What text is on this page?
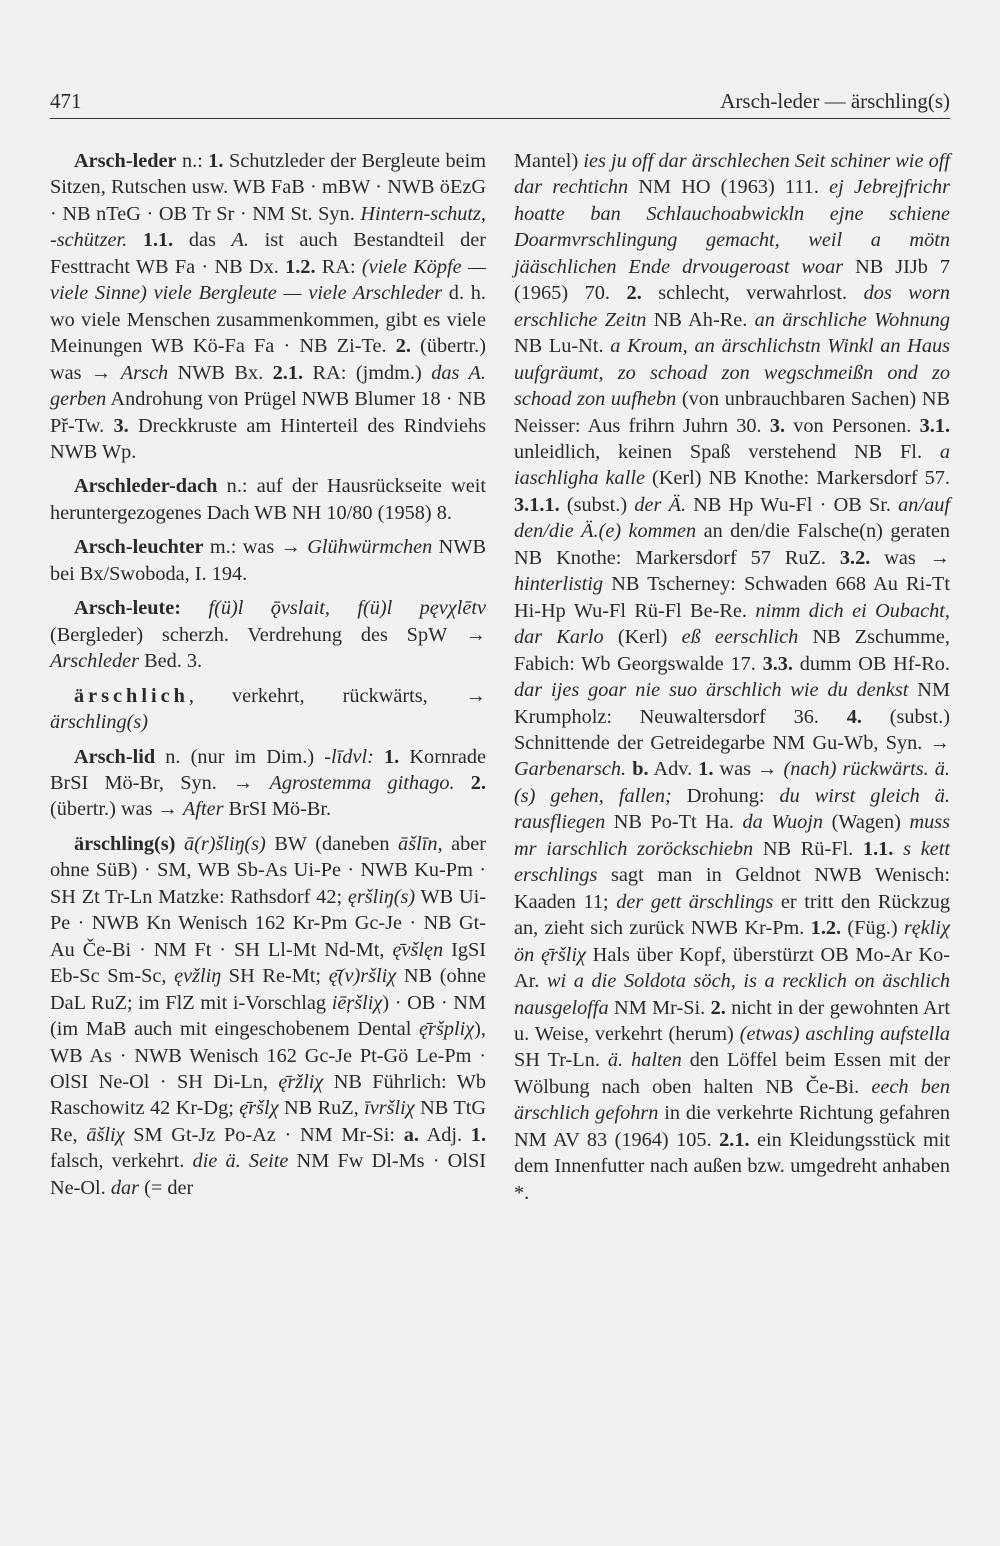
471	Arsch-leder — ärschling(s)

Arsch-leder n.: 1. Schutzleder der Bergleute beim Sitzen, Rutschen usw. WB FaB · mBW · NWB öEzG · NB nTeG · OB Tr Sr · NM St. Syn. Hintern-schutz, -schützer. 1.1. das A. ist auch Bestandteil der Festtracht WB Fa · NB Dx. 1.2. RA: (viele Köpfe — viele Sinne) viele Bergleute — viele Arschleder d. h. wo viele Menschen zusammenkommen, gibt es viele Meinungen WB Kö-Fa Fa · NB Zi-Te. 2. (übertr.) was → Arsch NWB Bx. 2.1. RA: (jmdm.) das A. gerben Androhung von Prügel NWB Blumer 18 · NB Př-Tw. 3. Dreckkruste am Hinterteil des Rindviehs NWB Wp.

Arschleder-dach n.: auf der Hausrückseite weit heruntergezogenes Dach WB NH 10/80 (1958) 8.

Arsch-leuchter m.: was → Glühwürmchen NWB bei Bx/Swoboda, I. 194.

Arsch-leute: f(ü)l ǭvslait, f(ü)l pęvχlētv (Bergleder) scherzh. Verdrehung des SpW → Arschleder Bed. 3.

ärschlich, verkehrt, rückwärts, → ärschling(s)

Arsch-lid n. (nur im Dim.) -līdvl: 1. Kornrade BrSI Mö-Br, Syn. → Agrostemma githago. 2. (übertr.) was → After BrSI Mö-Br.

ärschling(s) ā(r)šliŋ(s) BW (daneben āšlīn, aber ohne SüB) · SM, WB Sb-As Ui-Pe · NWB Ku-Pm · SH Zt Tr-Ln Matzke: Rathsdorf 42; ęršliŋ(s) WB Ui-Pe · NWB Kn Wenisch 162 Kr-Pm Gc-Je · NB Gt-Au Če-Bi · NM Ft · SH Ll-Mt Nd-Mt, ę̄všlęn IgSI Eb-Sc Sm-Sc, ęvžliŋ SH Re-Mt; ę̄(v)ršliχ NB (ohne DaL RuZ; im FlZ mit i-Vorschlag iē̦ršliχ) · OB · NM (im MaB auch mit eingeschobenem Dental ę̄ršpliχ), WB As · NWB Wenisch 162 Gc-Je Pt-Gö Le-Pm · OlSI Ne-Ol · SH Di-Ln, ę̄ržliχ NB Führlich: Wb Raschowitz 42 Kr-Dg; ę̄ršlχ NB RuZ, īvršliχ NB TtG Re, āšliχ SM Gt-Jz Po-Az · NM Mr-Si: a. Adj. 1. falsch, verkehrt. die ä. Seite NM Fw Dl-Ms · OlSI Ne-Ol. dar (= der

Mantel) ies ju off dar ärschlechen Seit schiner wie off dar rechtichn NM HO (1963) 111. ej Jebrejfrichr hoatte ban Schlauchoabwickln ejne schiene Doarmvrschlingung gemacht, weil a mötn jääschlichen Ende drvougeroast woar NB JIJb 7 (1965) 70. 2. schlecht, verwahrlost. dos worn erschliche Zeitn NB Ah-Re. an ärschliche Wohnung NB Lu-Nt. a Kroum, an ärschlichstn Winkl an Haus uufgräumt, zo schoad zon wegschmeißn ond zo schoad zon uufhebn (von unbrauchbaren Sachen) NB Neisser: Aus frihrn Juhrn 30. 3. von Personen. 3.1. unleidlich, keinen Spaß verstehend NB Fl. a iaschligha kalle (Kerl) NB Knothe: Markersdorf 57. 3.1.1. (subst.) der Ä. NB Hp Wu-Fl · OB Sr. an/auf den/die Ä.(e) kommen an den/die Falsche(n) geraten NB Knothe: Markersdorf 57 RuZ. 3.2. was → hinterlistig NB Tscherney: Schwaden 668 Au Ri-Tt Hi-Hp Wu-Fl Rü-Fl Be-Re. nimm dich ei Oubacht, dar Karlo (Kerl) eß eerschlich NB Zschumme, Fabich: Wb Georgswalde 17. 3.3. dumm OB Hf-Ro. dar ijes goar nie suo ärschlich wie du denkst NM Krumpholz: Neuwaltersdorf 36. 4. (subst.) Schnittende der Getreidegarbe NM Gu-Wb, Syn. → Garbenarsch. b. Adv. 1. was → (nach) rückwärts. ä.(s) gehen, fallen; Drohung: du wirst gleich ä. rausfliegen NB Po-Tt Ha. da Wuojn (Wagen) muss mr iarschlich zoröckschiebn NB Rü-Fl. 1.1. s kett erschlings sagt man in Geldnot NWB Wenisch: Kaaden 11; der gett ärschlings er tritt den Rückzug an, zieht sich zurück NWB Kr-Pm. 1.2. (Füg.) rękliχ ön ę̄ršliχ Hals über Kopf, überstürzt OB Mo-Ar Ko-Ar. wi a die Soldota söch, is a recklich on äschlich nausgeloffa NM Mr-Si. 2. nicht in der gewohnten Art u. Weise, verkehrt (herum) (etwas) aschling aufstella SH Tr-Ln. ä. halten den Löffel beim Essen mit der Wölbung nach oben halten NB Če-Bi. eech ben ärschlich gefohrn in die verkehrte Richtung gefahren NM AV 83 (1964) 105. 2.1. ein Kleidungsstück mit dem Innenfutter nach außen bzw. umgedreht anhaben *.
